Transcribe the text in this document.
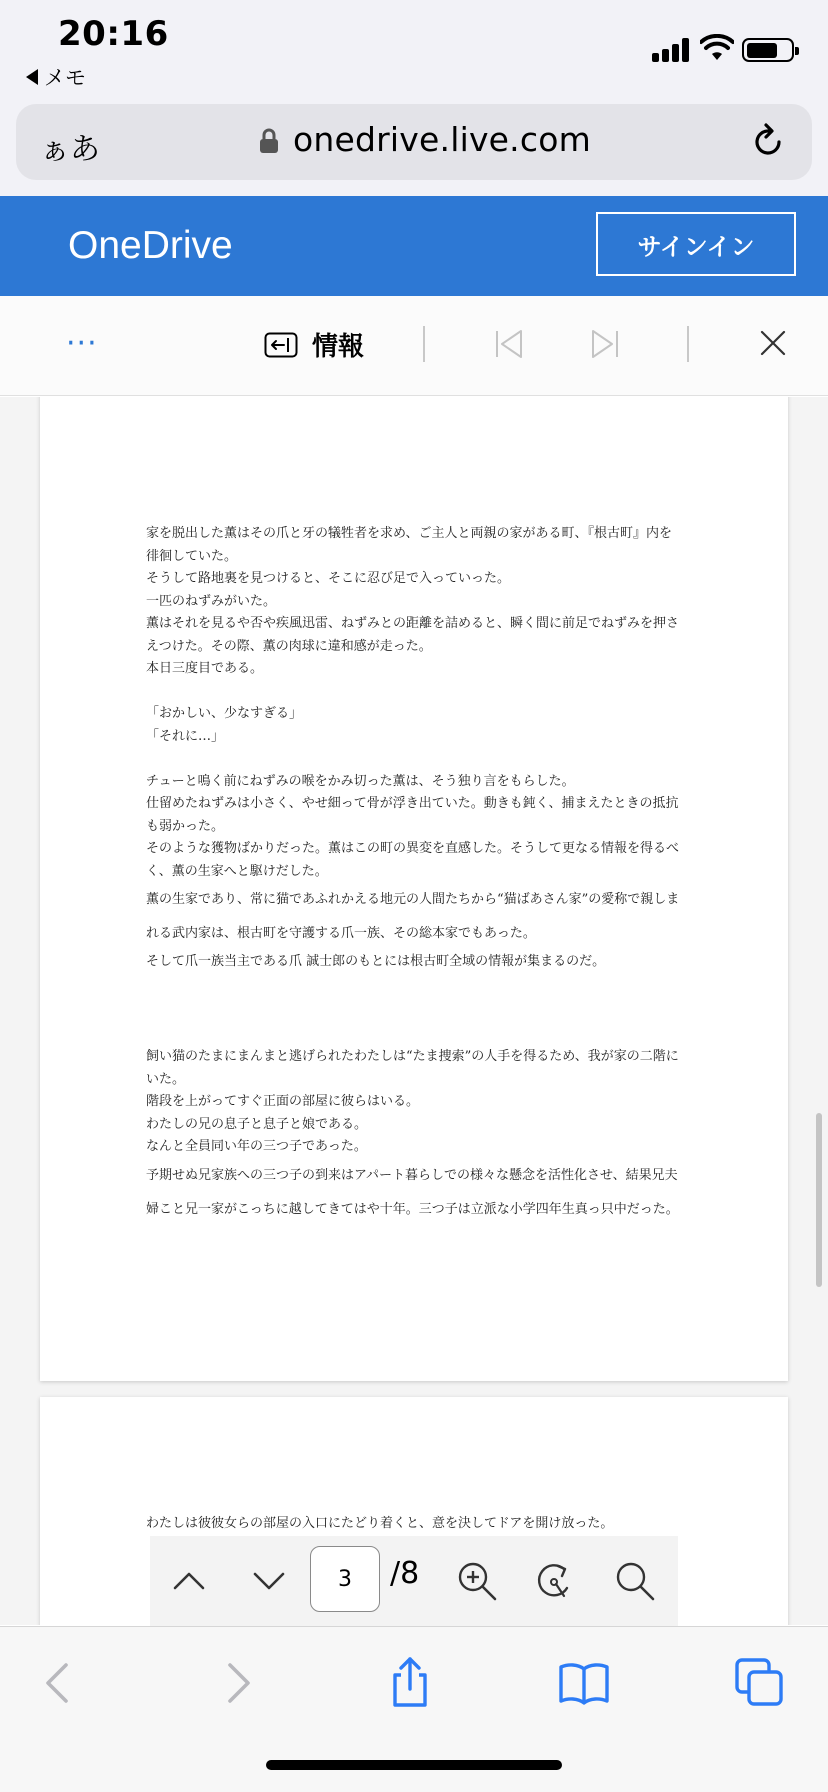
20:16
メモ
ぁあ	onedrive.live.com
OneDrive	サインイン
···	情報

家を脱出した薫はその爪と牙の犠牲者を求め、ご主人と両親の家がある町、『根古町』内を徘徊していた。

そうして路地裏を見つけると、そこに忍び足で入っていった。

一匹のねずみがいた。

薫はそれを見るや否や疾風迅雷、ねずみとの距離を詰めると、瞬く間に前足でねずみを押さえつけた。その際、薫の肉球に違和感が走った。

本日三度目である。

「おかしい、少なすぎる」

「それに…」

チューと鳴く前にねずみの喉をかみ切った薫は、そう独り言をもらした。

仕留めたねずみは小さく、やせ細って骨が浮き出ていた。動きも鈍く、捕まえたときの抵抗も弱かった。

そのような獲物ばかりだった。薫はこの町の異変を直感した。そうして更なる情報を得るべく、薫の生家へと駆けだした。

薫の生家であり、常に猫であふれかえる地元の人間たちから“猫ばあさん家”の愛称で親しまれる武内家は、根古町を守護する爪一族、その総本家でもあった。

そして爪一族当主である爪 誠士郎のもとには根古町全域の情報が集まるのだ。

飼い猫のたまにまんまと逃げられたわたしは“たま捜索”の人手を得るため、我が家の二階にいた。

階段を上がってすぐ正面の部屋に彼らはいる。

わたしの兄の息子と息子と娘である。

なんと全員同い年の三つ子であった。

予期せぬ兄家族への三つ子の到来はアパート暮らしでの様々な懸念を活性化させ、結果兄夫婦こと兄一家がこっちに越してきてはや十年。三つ子は立派な小学四年生真っ只中だった。

わたしは彼彼女らの部屋の入口にたどり着くと、意を決してドアを開け放った。

3	/8
